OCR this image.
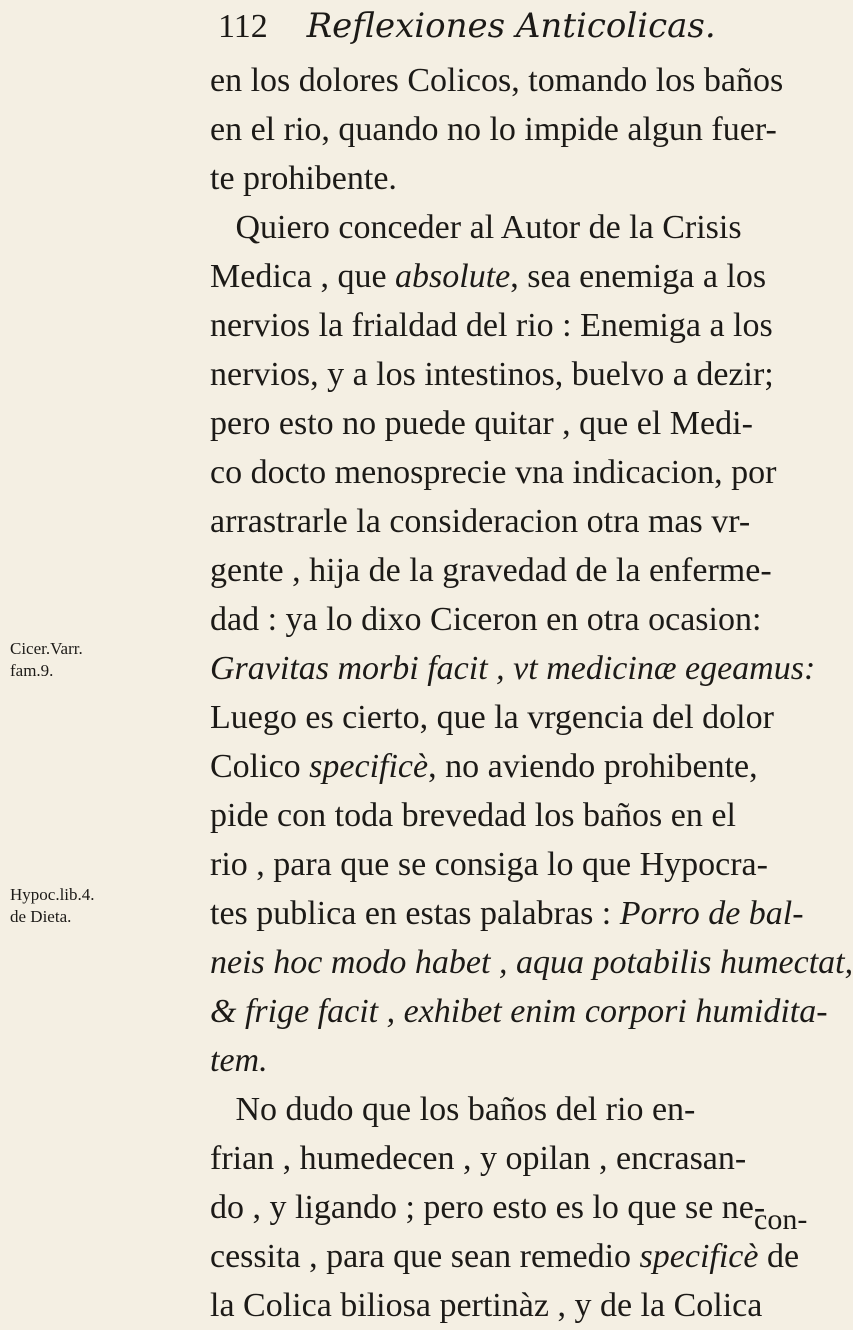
112 Reflexiones Anticolicas.
Cicer.Varr.
fam.9.
Hypoc.lib.4.
de Dieta.
en los dolores Colicos, tomando los baños
en el rio, quando no lo impide algun fuer-
te prohibente.
Quiero conceder al Autor de la Crisis
Medica , que absolute, sea enemiga a los
nervios la frialdad del rio : Enemiga a los
nervios, y a los intestinos, buelvo a dezir;
pero esto no puede quitar , que el Medi-
co docto menosprecie vna indicacion, por
arrastrarle la consideracion otra mas vr-
gente , hija de la gravedad de la enferme-
dad : ya lo dixo Ciceron en otra ocasion:
Gravitas morbi facit , vt medicinæ egeamus:
Luego es cierto, que la vrgencia del dolor
Colico specificè, no aviendo prohibente,
pide con toda brevedad los baños en el
rio , para que se consiga lo que Hypocra-
tes publica en estas palabras : Porro de bal-
neis hoc modo habet , aqua potabilis humectat,
& frige facit , exhibet enim corpori humidita-
tem.
No dudo que los baños del rio en-
frian , humedecen , y opilan , encrasan-
do , y ligando ; pero esto es lo que se ne-
cessita , para que sean remedio specificè de
la Colica biliosa pertinàz , y de la Colica
con-
